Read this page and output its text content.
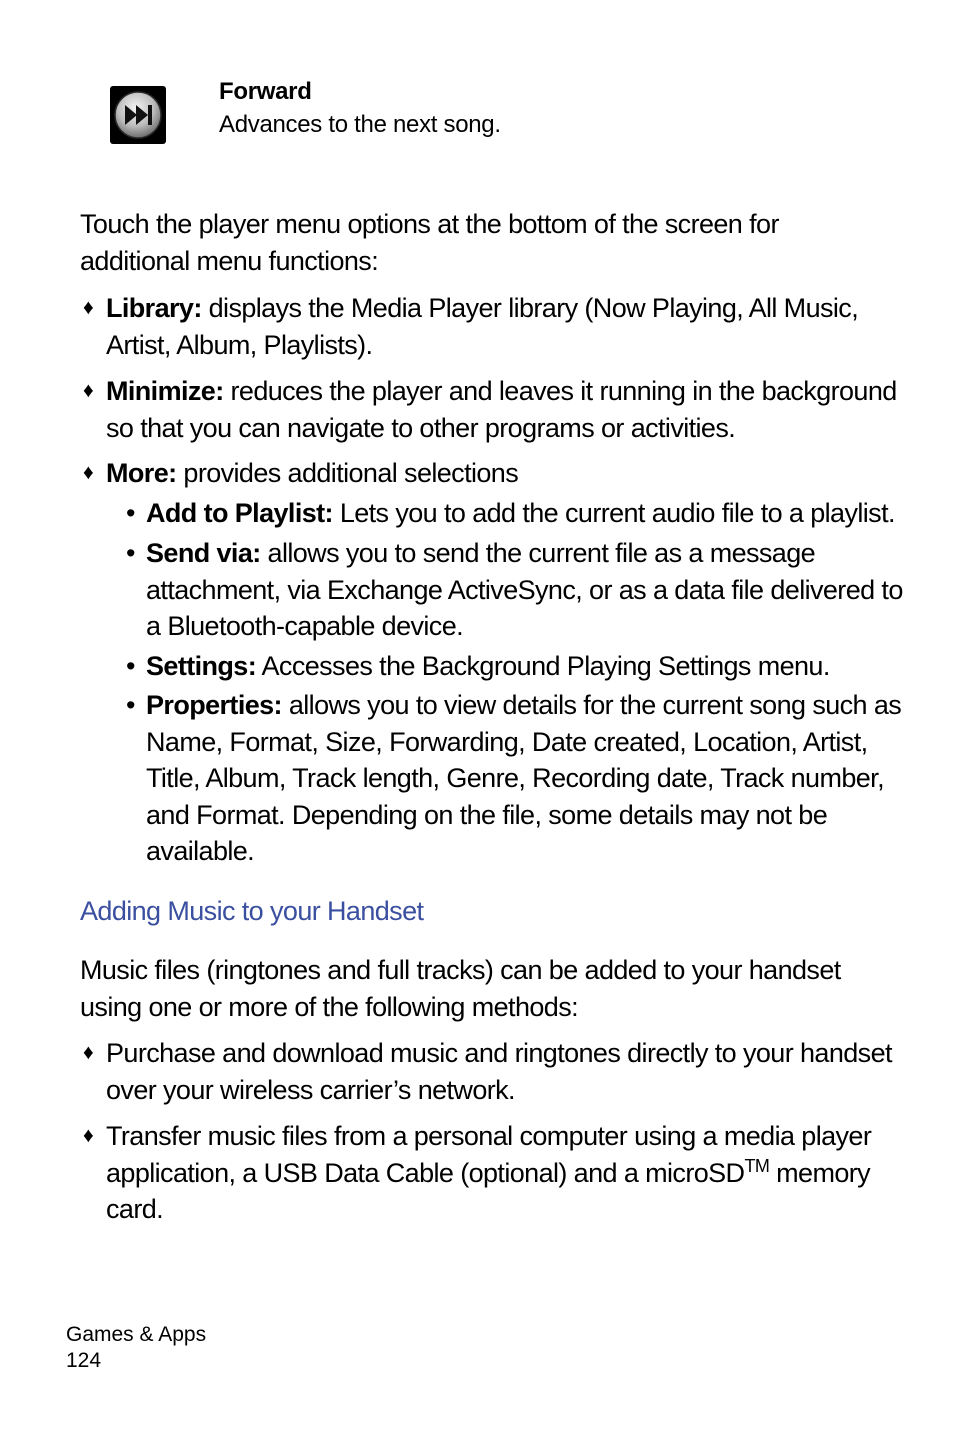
Forward
Advances to the next song.

Touch the player menu options at the bottom of the screen for additional menu functions:

♦ Library: displays the Media Player library (Now Playing, All Music, Artist, Album, Playlists).

♦ Minimize: reduces the player and leaves it running in the background so that you can navigate to other programs or activities.

♦ More: provides additional selections

• Add to Playlist: Lets you to add the current audio file to a playlist.

• Send via: allows you to send the current file as a message attachment, via Exchange ActiveSync, or as a data file delivered to a Bluetooth-capable device.

• Settings: Accesses the Background Playing Settings menu.

• Properties: allows you to view details for the current song such as Name, Format, Size, Forwarding, Date created, Location, Artist, Title, Album, Track length, Genre, Recording date, Track number, and Format. Depending on the file, some details may not be available.

Adding Music to your Handset

Music files (ringtones and full tracks) can be added to your handset using one or more of the following methods:

♦ Purchase and download music and ringtones directly to your handset over your wireless carrier’s network.

♦ Transfer music files from a personal computer using a media player application, a USB Data Cable (optional) and a microSD™ memory card.

Games & Apps
124
